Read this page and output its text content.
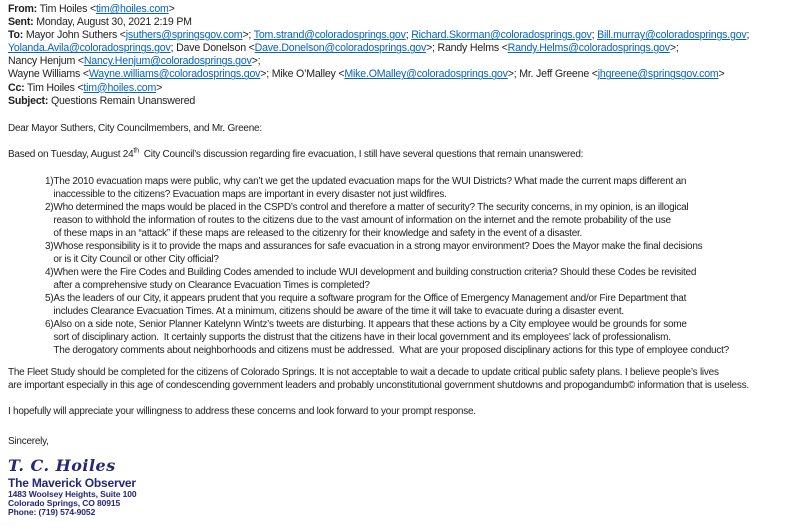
From: Tim Hoiles <tim@hoiles.com>
Sent: Monday, August 30, 2021 2:19 PM
To: Mayor John Suthers <jsuthers@springsgov.com>; Tom.strand@coloradosprings.gov; Richard.Skorman@coloradosprings.gov; Bill.murray@coloradosprings.gov;
Yolanda.Avila@coloradosprings.gov; Dave Donelson <Dave.Donelson@coloradosprings.gov>; Randy Helms <Randy.Helms@coloradosprings.gov>;
Nancy Henjum <Nancy.Henjum@coloradosprings.gov>;
Wayne Williams <Wayne.williams@coloradosprings.gov>; Mike O’Malley <Mike.OMalley@coloradosprings.gov>; Mr. Jeff Greene <jhgreene@springsgov.com>
Cc: Tim Hoiles <tim@hoiles.com>
Subject: Questions Remain Unanswered
Dear Mayor Suthers, City Councilmembers, and Mr. Greene:
Based on Tuesday, August 24th  City Council’s discussion regarding fire evacuation, I still have several questions that remain unanswered:
1) The 2010 evacuation maps were public, why can’t we get the updated evacuation maps for the WUI Districts? What made the current maps different an
inaccessible to the citizens? Evacuation maps are important in every disaster not just wildfires.
2) Who determined the maps would be placed in the CSPD’s control and therefore a matter of security? The security concerns, in my opinion, is an illogical
reason to withhold the information of routes to the citizens due to the vast amount of information on the internet and the remote probability of the use
of these maps in an “attack” if these maps are released to the citizenry for their knowledge and safety in the event of a disaster.
3) Whose responsibility is it to provide the maps and assurances for safe evacuation in a strong mayor environment? Does the Mayor make the final decisions
or is it City Council or other City official?
4) When were the Fire Codes and Building Codes amended to include WUI development and building construction criteria? Should these Codes be revisited
after a comprehensive study on Clearance Evacuation Times is completed?
5) As the leaders of our City, it appears prudent that you require a software program for the Office of Emergency Management and/or Fire Department that
includes Clearance Evacuation Times. At a minimum, citizens should be aware of the time it will take to evacuate during a disaster event.
6) Also on a side note, Senior Planner Katelynn Wintz’s tweets are disturbing. It appears that these actions by a City employee would be grounds for some
sort of disciplinary action.  It certainly supports the distrust that the citizens have in their local government and its employees’ lack of professionalism.
The derogatory comments about neighborhoods and citizens must be addressed.  What are your proposed disciplinary actions for this type of employee conduct?
The Fleet Study should be completed for the citizens of Colorado Springs. It is not acceptable to wait a decade to update critical public safety plans. I believe people’s lives
are important especially in this age of condescending government leaders and probably unconstitutional government shutdowns and propogandumb© information that is useless.
I hopefully will appreciate your willingness to address these concerns and look forward to your prompt response.
Sincerely,
T. C. Hoiles
The Maverick Observer
1483 Woolsey Heights, Suite 100
Colorado Springs, CO 80915
Phone: (719) 574-9052
